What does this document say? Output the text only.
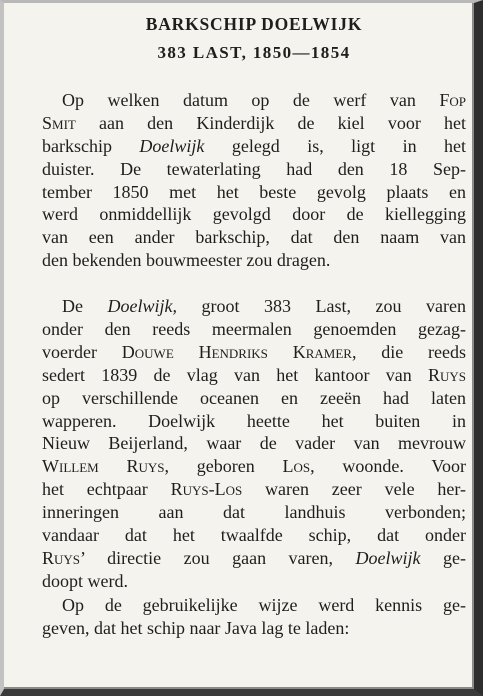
BARKSCHIP DOELWIJK
383 LAST, 1850—1854
Op welken datum op de werf van Fop
Smit aan den Kinderdijk de kiel voor het
barkschip Doelwijk gelegd is, ligt in het
duister. De tewaterlating had den 18 Sep-
tember 1850 met het beste gevolg plaats en
werd onmiddellijk gevolgd door de kiellegging
van een ander barkschip, dat den naam van
den bekenden bouwmeester zou dragen.
De Doelwijk, groot 383 Last, zou varen
onder den reeds meermalen genoemden gezag-
voerder Douwe Hendriks Kramer, die reeds
sedert 1839 de vlag van het kantoor van Ruys
op verschillende oceanen en zeeën had laten
wapperen. Doelwijk heette het buiten in
Nieuw Beijerland, waar de vader van mevrouw
Willem Ruys, geboren Los, woonde. Voor
het echtpaar Ruys-Los waren zeer vele her-
inneringen aan dat landhuis verbonden;
vandaar dat het twaalfde schip, dat onder
Ruys’ directie zou gaan varen, Doelwijk ge-
doopt werd.
Op de gebruikelijke wijze werd kennis ge-
geven, dat het schip naar Java lag te laden:
